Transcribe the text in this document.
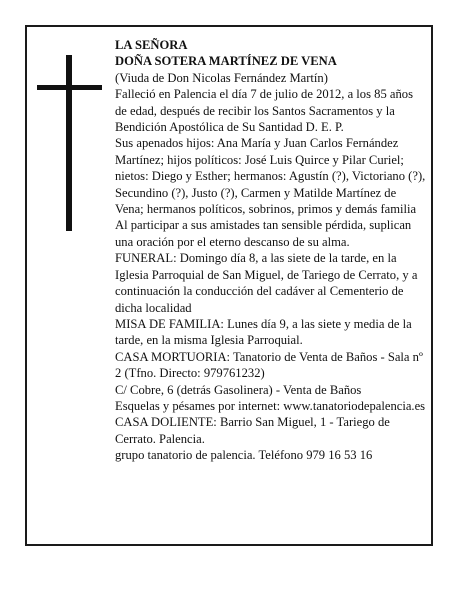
LA SEÑORA

DOÑA SOTERA MARTÍNEZ DE VENA

(Viuda de Don Nicolas Fernández Martín)

Falleció en Palencia el día 7 de julio de 2012, a los 85 años de edad, después de recibir los Santos Sacramentos y la Bendición Apostólica de Su Santidad D. E. P.

Sus apenados hijos: Ana María y Juan Carlos Fernández Martínez; hijos políticos: José Luis Quirce y Pilar Curiel; nietos: Diego y Esther; hermanos: Agustín (?), Victoriano (?), Secundino (?), Justo (?), Carmen y Matilde Martínez de Vena; hermanos políticos, sobrinos, primos y demás familia

Al participar a sus amistades tan sensible pérdida, suplican una oración por el eterno descanso de su alma.

FUNERAL: Domingo día 8, a las siete de la tarde, en la Iglesia Parroquial de San Miguel, de Tariego de Cerrato, y a continuación la conducción del cadáver al Cementerio de dicha localidad

MISA DE FAMILIA: Lunes día 9, a las siete y media de la tarde, en la misma Iglesia Parroquial.

CASA MORTUORIA: Tanatorio de Venta de Baños - Sala nº 2 (Tfno. Directo: 979761232)

C/ Cobre, 6 (detrás Gasolinera) - Venta de Baños

Esquelas y pésames por internet: www.tanatoriodepalencia.es

CASA DOLIENTE: Barrio San Miguel, 1 - Tariego de Cerrato. Palencia.

grupo tanatorio de palencia. Teléfono 979 16 53 16
